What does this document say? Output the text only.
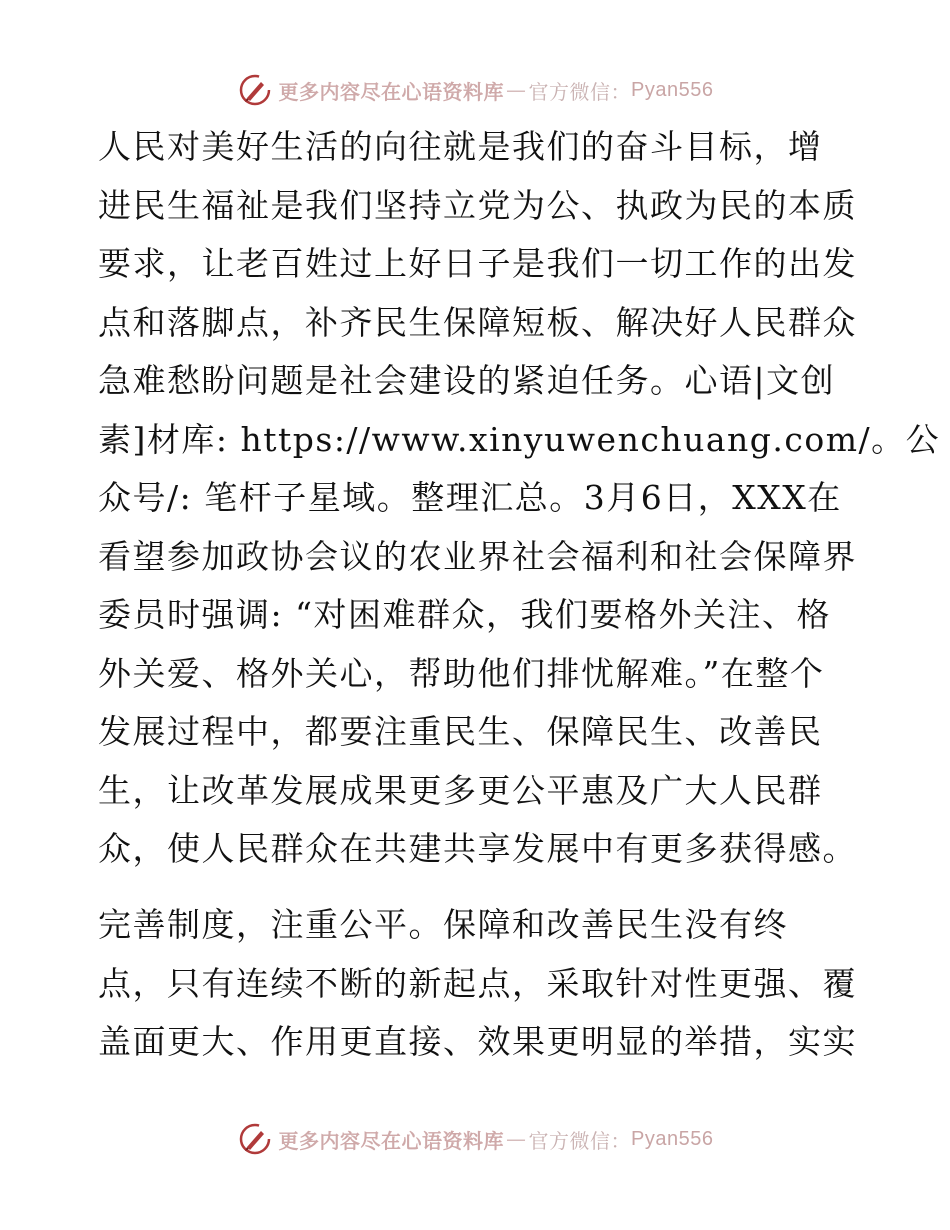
更多内容尽在心语资料库 — 官方微信： Pyan556
人民对美好生活的向往就是我们的奋斗目标，增
进民生福祉是我们坚持立党为公、执政为民的本质
要求，让老百姓过上好日子是我们一切工作的出发
点和落脚点，补齐民生保障短板、解决好人民群众
急难愁盼问题是社会建设的紧迫任务。心语|文创
素]材库: https://www.xinyuwenchuang.com/。公
众号/: 笔杆子星域。整理汇总。3月6日，XXX在
看望参加政协会议的农业界社会福利和社会保障界
委员时强调: “对困难群众，我们要格外关注、格
外关爱、格外关心，帮助他们排忧解难。”在整个
发展过程中，都要注重民生、保障民生、改善民
生，让改革发展成果更多更公平惠及广大人民群
众，使人民群众在共建共享发展中有更多获得感。
完善制度，注重公平。保障和改善民生没有终
点，只有连续不断的新起点，采取针对性更强、覆
盖面更大、作用更直接、效果更明显的举措，实实
更多内容尽在心语资料库 — 官方微信： Pyan556
